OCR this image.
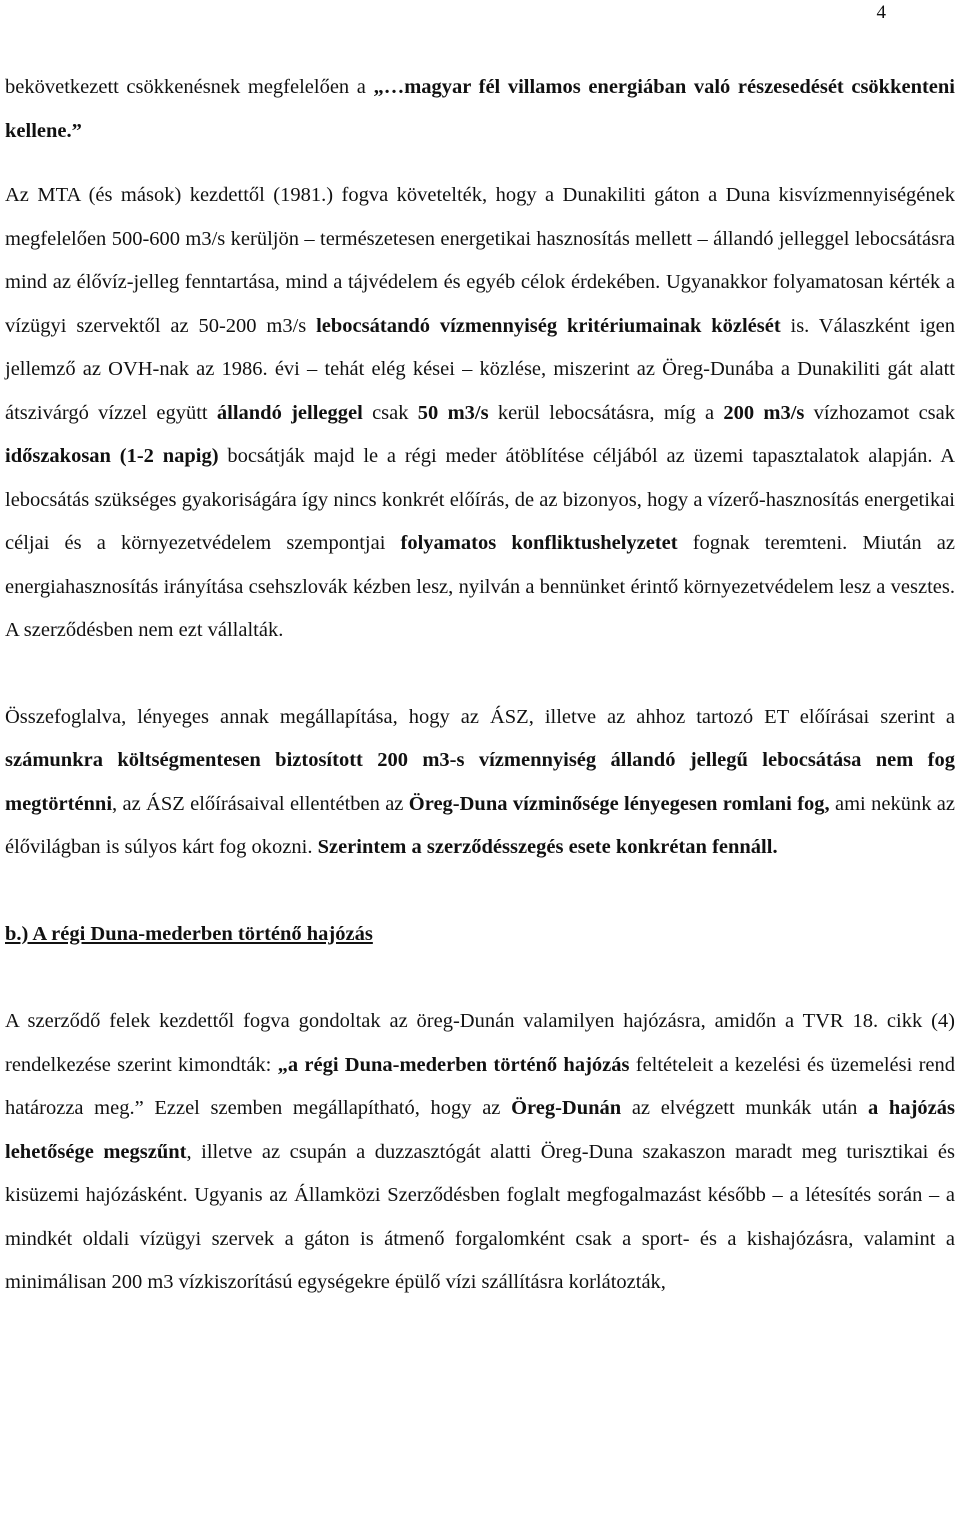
4

bekövetkezett csökkenésnek megfelelően a „…magyar fél villamos energiában való részesedését csökkenteni kellene.”

Az MTA (és mások) kezdettől (1981.) fogva követelték, hogy a Dunakiliti gáton a Duna kisvízmennyiségének megfelelően 500-600 m3/s kerüljön – természetesen energetikai hasznosítás mellett – állandó jelleggel lebocsátásra mind az élővíz-jelleg fenntartása, mind a tájvédelem és egyéb célok érdekében. Ugyanakkor folyamatosan kérték a vízügyi szervektől az 50-200 m3/s lebocsátandó vízmennyiség kritériumainak közlését is. Válaszként igen jellemző az OVH-nak az 1986. évi – tehát elég kései – közlése, miszerint az Öreg-Dunába a Dunakiliti gát alatt átszivárgó vízzel együtt állandó jelleggel csak 50 m3/s kerül lebocsátásra, míg a 200 m3/s vízhozamot csak időszakosan (1-2 napig) bocsátják majd le a régi meder átöblítése céljából az üzemi tapasztalatok alapján. A lebocsátás szükséges gyakoriságára így nincs konkrét előírás, de az bizonyos, hogy a vízerő-hasznosítás energetikai céljai és a környezetvédelem szempontjai folyamatos konfliktushelyzetet fognak teremteni. Miután az energiahasznosítás irányítása csehszlovák kézben lesz, nyilván a bennünket érintő környezetvédelem lesz a vesztes. A szerződésben nem ezt vállalták.

Összefoglalva, lényeges annak megállapítása, hogy az ÁSZ, illetve az ahhoz tartozó ET előírásai szerint a számunkra költségmentesen biztosított 200 m3-s vízmennyiség állandó jellegű lebocsátása nem fog megtörténni, az ÁSZ előírásaival ellentétben az Öreg-Duna vízminősége lényegesen romlani fog, ami nekünk az élővilágban is súlyos kárt fog okozni. Szerintem a szerződésszegés esete konkrétan fennáll.

b.) A régi Duna-mederben történő hajózás

A szerződő felek kezdettől fogva gondoltak az öreg-Dunán valamilyen hajózásra, amidőn a TVR 18. cikk (4) rendelkezése szerint kimondták: „a régi Duna-mederben történő hajózás feltételeit a kezelési és üzemelési rend határozza meg.” Ezzel szemben megállapítható, hogy az Öreg-Dunán az elvégzett munkák után a hajózás lehetősége megszűnt, illetve az csupán a duzzasztógát alatti Öreg-Duna szakaszon maradt meg turisztikai és kisüzemi hajózásként. Ugyanis az Államközi Szerződésben foglalt megfogalmazást később – a létesítés során – a mindkét oldali vízügyi szervek a gáton is átmenő forgalomként csak a sport- és a kishajózásra, valamint a minimálisan 200 m3 vízkiszorítású egységekre épülő vízi szállításra korlátozták,
